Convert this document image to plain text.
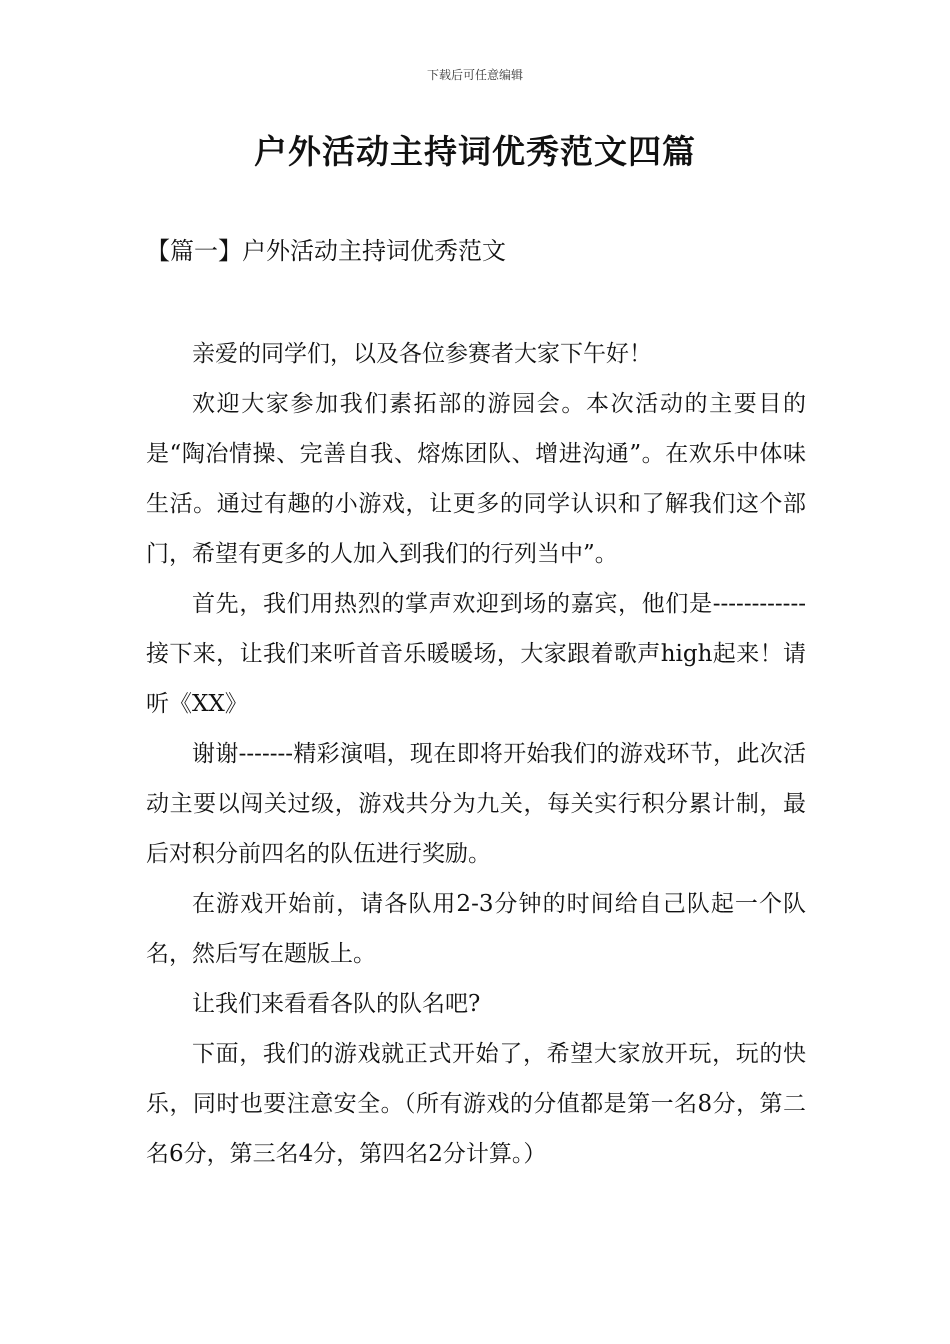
下载后可任意编辑
户外活动主持词优秀范文四篇
【篇一】户外活动主持词优秀范文

亲爱的同学们，以及各位参赛者大家下午好！

欢迎大家参加我们素拓部的游园会。本次活动的主要目的是“陶冶情操、完善自我、熔炼团队、增进沟通”。在欢乐中体味生活。通过有趣的小游戏，让更多的同学认识和了解我们这个部门，希望有更多的人加入到我们的行列当中”。

首先，我们用热烈的掌声欢迎到场的嘉宾，他们是------------接下来，让我们来听首音乐暖暖场，大家跟着歌声high起来！请听《XX》

谢谢-------精彩演唱，现在即将开始我们的游戏环节，此次活动主要以闯关过级，游戏共分为九关，每关实行积分累计制，最后对积分前四名的队伍进行奖励。

在游戏开始前，请各队用2-3分钟的时间给自己队起一个队名，然后写在题版上。

让我们来看看各队的队名吧?

下面，我们的游戏就正式开始了，希望大家放开玩，玩的快乐，同时也要注意安全。（所有游戏的分值都是第一名8分，第二名6分，第三名4分，第四名2分计算。）
